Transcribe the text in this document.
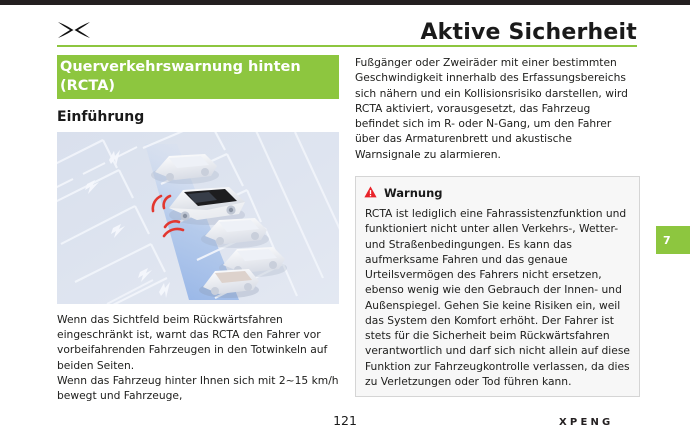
Aktive Sicherheit
Querverkehrswarnung hinten (RCTA)
Einführung

Wenn das Sichtfeld beim Rückwärtsfahren eingeschränkt ist, warnt das RCTA den Fahrer vor vorbeifahrenden Fahrzeugen in den Totwinkeln auf beiden Seiten.

Wenn das Fahrzeug hinter Ihnen sich mit 2~15 km/h bewegt und Fahrzeuge,

Fußgänger oder Zweiräder mit einer bestimmten Geschwindigkeit innerhalb des Erfassungsbereichs sich nähern und ein Kollisionsrisiko darstellen, wird RCTA aktiviert, vorausgesetzt, das Fahrzeug befindet sich im R- oder N-Gang, um den Fahrer über das Armaturenbrett und akustische Warnsignale zu alarmieren.

Warnung
RCTA ist lediglich eine Fahrassistenzfunktion und funktioniert nicht unter allen Verkehrs-, Wetter- und Straßenbedingungen. Es kann das aufmerksame Fahren und das genaue Urteilsvermögen des Fahrers nicht ersetzen, ebenso wenig wie den Gebrauch der Innen- und Außenspiegel. Gehen Sie keine Risiken ein, weil das System den Komfort erhöht. Der Fahrer ist stets für die Sicherheit beim Rückwärtsfahren verantwortlich und darf sich nicht allein auf diese Funktion zur Fahrzeugkontrolle verlassen, da dies zu Verletzungen oder Tod führen kann.
7
121	XPENG
